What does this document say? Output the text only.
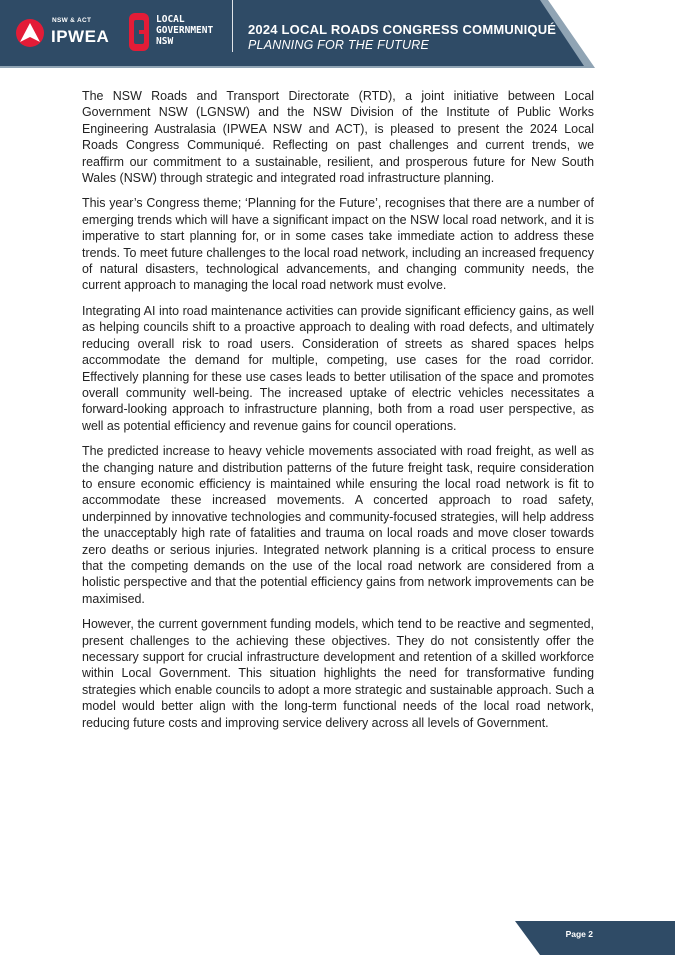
NSW & ACT
IPWEA
LOCAL
GOVERNMENT
NSW
2024 LOCAL ROADS CONGRESS COMMUNIQUÉ
PLANNING FOR THE FUTURE

The NSW Roads and Transport Directorate (RTD), a joint initiative between Local Government NSW (LGNSW) and the NSW Division of the Institute of Public Works Engineering Australasia (IPWEA NSW and ACT), is pleased to present the 2024 Local Roads Congress Communiqué. Reflecting on past challenges and current trends, we reaffirm our commitment to a sustainable, resilient, and prosperous future for New South Wales (NSW) through strategic and integrated road infrastructure planning.

This year’s Congress theme; ‘Planning for the Future’, recognises that there are a number of emerging trends which will have a significant impact on the NSW local road network, and it is imperative to start planning for, or in some cases take immediate action to address these trends. To meet future challenges to the local road network, including an increased frequency of natural disasters, technological advancements, and changing community needs, the current approach to managing the local road network must evolve.

Integrating AI into road maintenance activities can provide significant efficiency gains, as well as helping councils shift to a proactive approach to dealing with road defects, and ultimately reducing overall risk to road users. Consideration of streets as shared spaces helps accommodate the demand for multiple, competing, use cases for the road corridor. Effectively planning for these use cases leads to better utilisation of the space and promotes overall community well-being. The increased uptake of electric vehicles necessitates a forward-looking approach to infrastructure planning, both from a road user perspective, as well as potential efficiency and revenue gains for council operations.

The predicted increase to heavy vehicle movements associated with road freight, as well as the changing nature and distribution patterns of the future freight task, require consideration to ensure economic efficiency is maintained while ensuring the local road network is fit to accommodate these increased movements. A concerted approach to road safety, underpinned by innovative technologies and community-focused strategies, will help address the unacceptably high rate of fatalities and trauma on local roads and move closer towards zero deaths or serious injuries. Integrated network planning is a critical process to ensure that the competing demands on the use of the local road network are considered from a holistic perspective and that the potential efficiency gains from network improvements can be maximised.

However, the current government funding models, which tend to be reactive and segmented, present challenges to the achieving these objectives. They do not consistently offer the necessary support for crucial infrastructure development and retention of a skilled workforce within Local Government. This situation highlights the need for transformative funding strategies which enable councils to adopt a more strategic and sustainable approach. Such a model would better align with the long-term functional needs of the local road network, reducing future costs and improving service delivery across all levels of Government.

Page 2
